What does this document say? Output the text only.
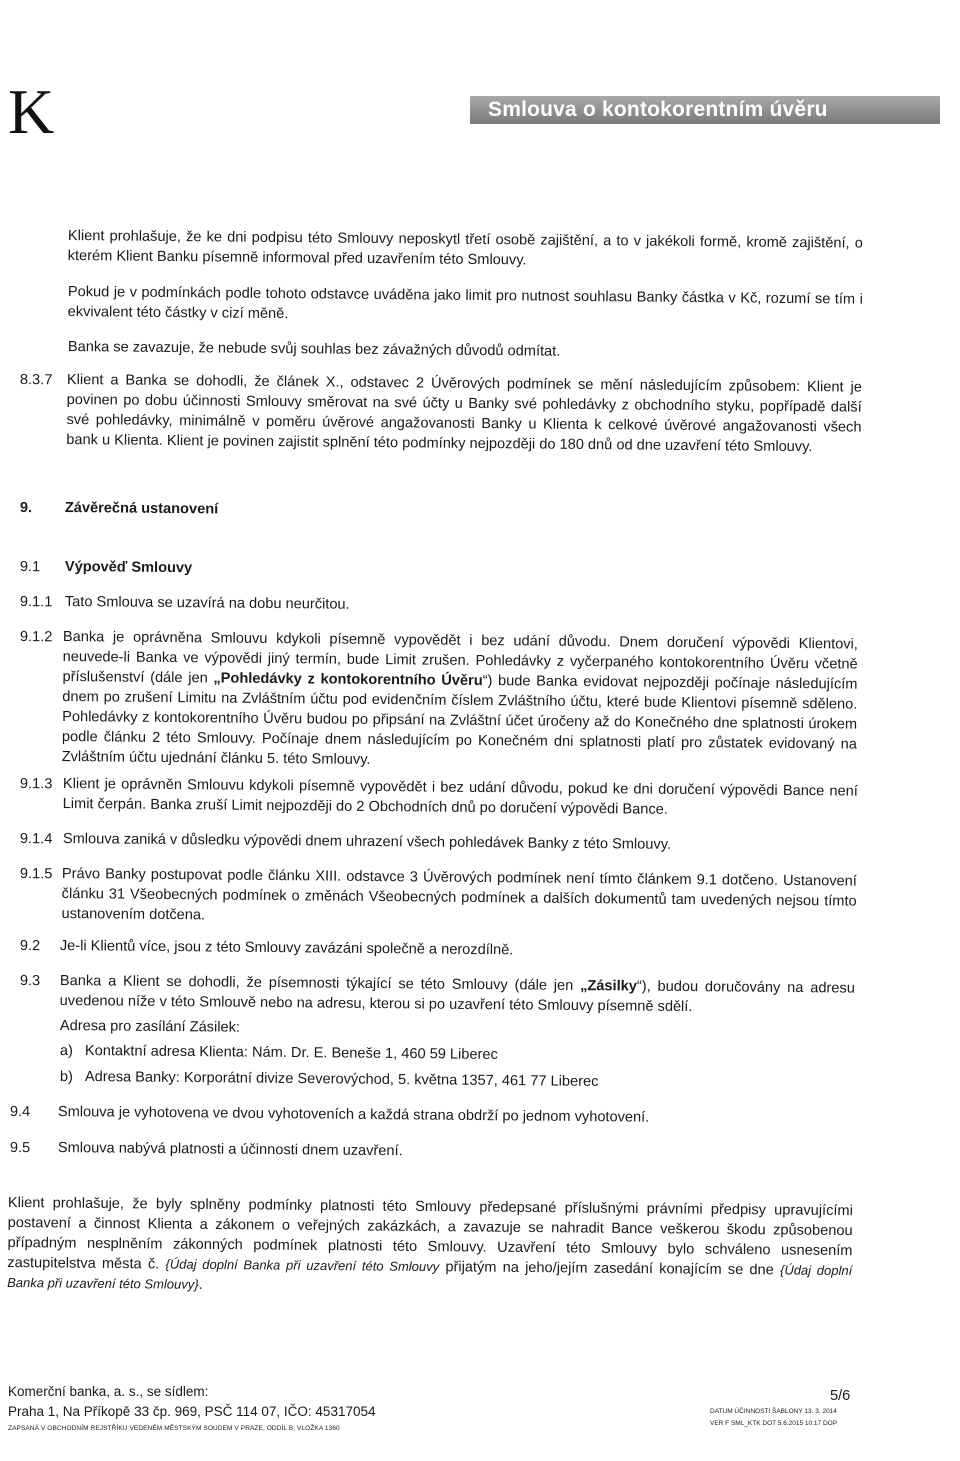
K	Smlouva o kontokorentním úvěru

Klient prohlašuje, že ke dni podpisu této Smlouvy neposkytl třetí osobě zajištění, a to v jakékoli formě, kromě zajištění, o kterém Klient Banku písemně informoval před uzavřením této Smlouvy.

Pokud je v podmínkách podle tohoto odstavce uváděna jako limit pro nutnost souhlasu Banky částka v Kč, rozumí se tím i ekvivalent této částky v cizí měně.

Banka se zavazuje, že nebude svůj souhlas bez závažných důvodů odmítat.

8.3.7 Klient a Banka se dohodli, že článek X., odstavec 2 Úvěrových podmínek se mění následujícím způsobem: Klient je povinen po dobu účinnosti Smlouvy směrovat na své účty u Banky své pohledávky z obchodního styku, popřípadě další své pohledávky, minimálně v poměru úvěrové angažovanosti Banky u Klienta k celkové úvěrové angažovanosti všech bank u Klienta. Klient je povinen zajistit splnění této podmínky nejpozději do 180 dnů od dne uzavření této Smlouvy.

9. Závěrečná ustanovení
9.1 Výpověď Smlouvy
9.1.1 Tato Smlouva se uzavírá na dobu neurčitou.

9.1.2 Banka je oprávněna Smlouvu kdykoli písemně vypovědět i bez udání důvodu. Dnem doručení výpovědi Klientovi, neuvede-li Banka ve výpovědi jiný termín, bude Limit zrušen. Pohledávky z vyčerpaného kontokorentního Úvěru včetně příslušenství (dále jen „Pohledávky z kontokorentního Úvěru“) bude Banka evidovat nejpozději počínaje následujícím dnem po zrušení Limitu na Zvláštním účtu pod evidenčním číslem Zvláštního účtu, které bude Klientovi písemně sděleno. Pohledávky z kontokorentního Úvěru budou po připsání na Zvláštní účet úročeny až do Konečného dne splatnosti úrokem podle článku 2 této Smlouvy. Počínaje dnem následujícím po Konečném dni splatnosti platí pro zůstatek evidovaný na Zvláštním účtu ujednání článku 5. této Smlouvy.

9.1.3 Klient je oprávněn Smlouvu kdykoli písemně vypovědět i bez udání důvodu, pokud ke dni doručení výpovědi Bance není Limit čerpán. Banka zruší Limit nejpozději do 2 Obchodních dnů po doručení výpovědi Bance.

9.1.4 Smlouva zaniká v důsledku výpovědi dnem uhrazení všech pohledávek Banky z této Smlouvy.

9.1.5 Právo Banky postupovat podle článku XIII. odstavce 3 Úvěrových podmínek není tímto článkem 9.1 dotčeno. Ustanovení článku 31 Všeobecných podmínek o změnách Všeobecných podmínek a dalších dokumentů tam uvedených nejsou tímto ustanovením dotčena.

9.2 Je-li Klientů více, jsou z této Smlouvy zavázáni společně a nerozdílně.

9.3 Banka a Klient se dohodli, že písemnosti týkající se této Smlouvy (dále jen „Zásilky“), budou doručovány na adresu uvedenou níže v této Smlouvě nebo na adresu, kterou si po uzavření této Smlouvy písemně sdělí.

Adresa pro zasílání Zásilek:

a) Kontaktní adresa Klienta: Nám. Dr. E. Beneše 1, 460 59 Liberec

b) Adresa Banky: Korporátní divize Severovýchod, 5. května 1357, 461 77 Liberec

9.4 Smlouva je vyhotovena ve dvou vyhotoveních a každá strana obdrží po jednom vyhotovení.

9.5 Smlouva nabývá platnosti a účinnosti dnem uzavření.

Klient prohlašuje, že byly splněny podmínky platnosti této Smlouvy předepsané příslušnými právními předpisy upravujícími postavení a činnost Klienta a zákonem o veřejných zakázkách, a zavazuje se nahradit Bance veškerou škodu způsobenou případným nesplněním zákonných podmínek platnosti této Smlouvy. Uzavření této Smlouvy bylo schváleno usnesením zastupitelstva města č. {Údaj doplní Banka při uzavření této Smlouvy přijatým na jeho/jejím zasedání konajícím se dne {Údaj doplní Banka při uzavření této Smlouvy}.

Komerční banka, a. s., se sídlem:
Praha 1, Na Příkopě 33 čp. 969, PSČ 114 07, IČO: 45317054
ZAPSANÁ V OBCHODNÍM REJSTŘÍKU VEDENÉM MĚSTSKÝM SOUDEM V PRAZE, ODDÍL B, VLOŽKA 1360
5/6
DATUM ÚČINNOSTI ŠABLONY 13. 3. 2014
VER F SML_KTK DOT 5.6.2015 10:17 DOP
